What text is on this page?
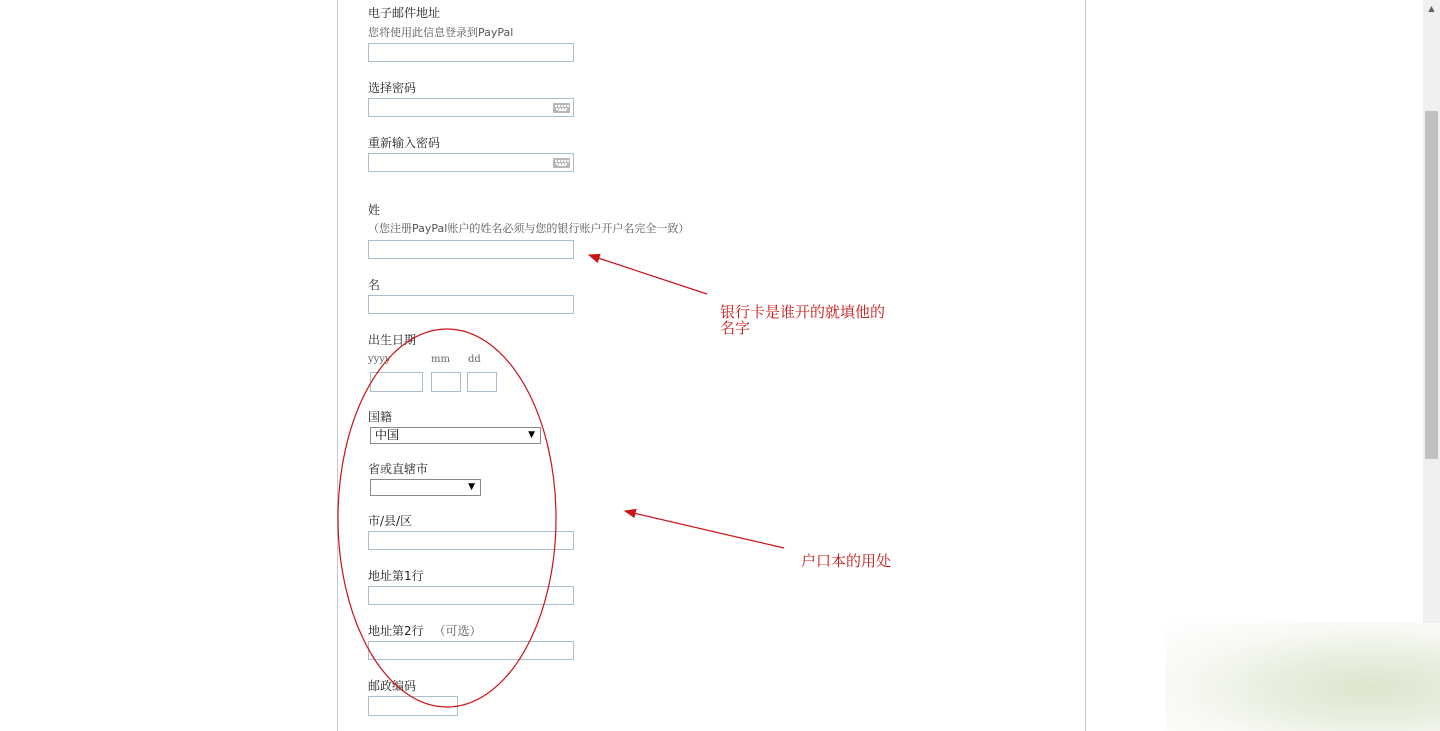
电子邮件地址
您将使用此信息登录到PayPal
选择密码
重新输入密码
姓
（您注册PayPal账户的姓名必须与您的银行账户开户名完全一致）
名
出生日期
yyyy	mm dd
国籍
中国	▼
省或直辖市
▼
市/县/区
地址第1行
地址第2行 （可选）
邮政编码
银行卡是谁开的就填他的
名字
户口本的用处
▲
